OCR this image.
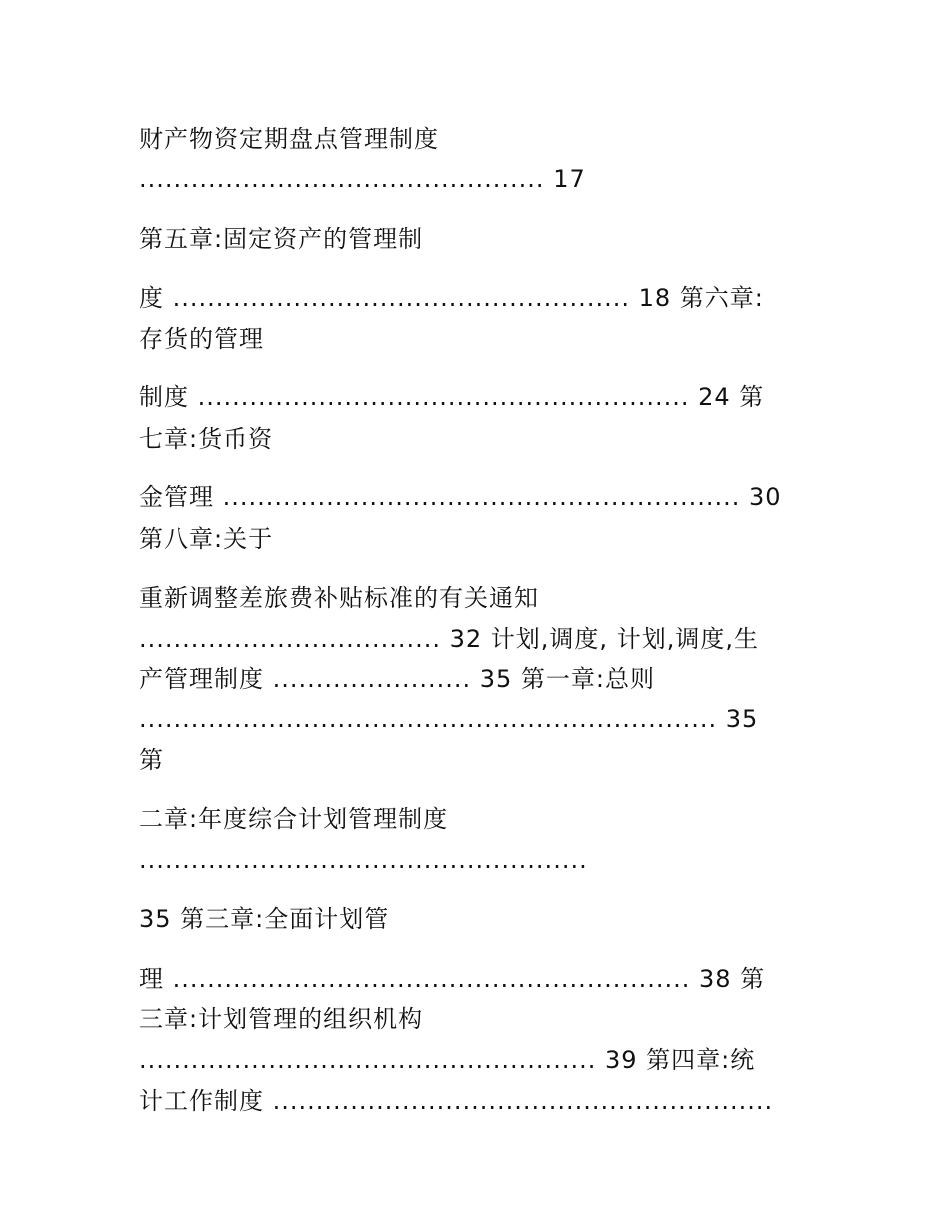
财产物资定期盘点管理制度
............................................... 17
第五章:固定资产的管理制
度 ..................................................... 18 第六章:
存货的管理
制度 ......................................................... 24 第
七章:货币资
金管理 ............................................................ 30
第八章:关于
重新调整差旅费补贴标准的有关通知
................................... 32 计划,调度, 计划,调度,生
产管理制度 ....................... 35 第一章:总则
................................................................... 35
第
二章:年度综合计划管理制度
....................................................
35 第三章:全面计划管
理 ............................................................ 38 第
三章:计划管理的组织机构
..................................................... 39 第四章:统
计工作制度 ..........................................................
